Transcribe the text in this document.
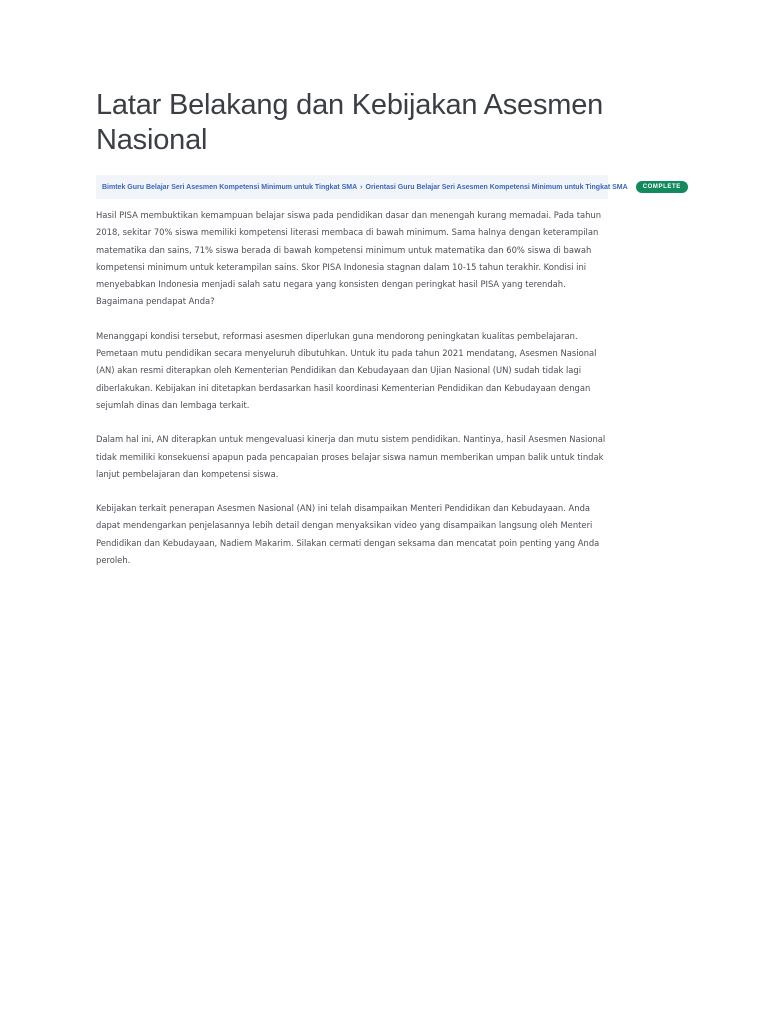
Latar Belakang dan Kebijakan Asesmen Nasional
Bimtek Guru Belajar Seri Asesmen Kompetensi Minimum untuk Tingkat SMA › Orientasi Guru Belajar Seri Asesmen Kompetensi Minimum untuk Tingkat SMA	COMPLETE

Hasil PISA membuktikan kemampuan belajar siswa pada pendidikan dasar dan menengah kurang memadai. Pada tahun 2018, sekitar 70% siswa memiliki kompetensi literasi membaca di bawah minimum. Sama halnya dengan keterampilan matematika dan sains, 71% siswa berada di bawah kompetensi minimum untuk matematika dan 60% siswa di bawah kompetensi minimum untuk keterampilan sains. Skor PISA Indonesia stagnan dalam 10-15 tahun terakhir. Kondisi ini menyebabkan Indonesia menjadi salah satu negara yang konsisten dengan peringkat hasil PISA yang terendah. Bagaimana pendapat Anda?

Menanggapi kondisi tersebut, reformasi asesmen diperlukan guna mendorong peningkatan kualitas pembelajaran. Pemetaan mutu pendidikan secara menyeluruh dibutuhkan. Untuk itu pada tahun 2021 mendatang, Asesmen Nasional (AN) akan resmi diterapkan oleh Kementerian Pendidikan dan Kebudayaan dan Ujian Nasional (UN) sudah tidak lagi diberlakukan. Kebijakan ini ditetapkan berdasarkan hasil koordinasi Kementerian Pendidikan dan Kebudayaan dengan sejumlah dinas dan lembaga terkait.

Dalam hal ini, AN diterapkan untuk mengevaluasi kinerja dan mutu sistem pendidikan. Nantinya, hasil Asesmen Nasional tidak memiliki konsekuensi apapun pada pencapaian proses belajar siswa namun memberikan umpan balik untuk tindak lanjut pembelajaran dan kompetensi siswa.

Kebijakan terkait penerapan Asesmen Nasional (AN) ini telah disampaikan Menteri Pendidikan dan Kebudayaan. Anda dapat mendengarkan penjelasannya lebih detail dengan menyaksikan video yang disampaikan langsung oleh Menteri Pendidikan dan Kebudayaan, Nadiem Makarim. Silakan cermati dengan seksama dan mencatat poin penting yang Anda peroleh.
